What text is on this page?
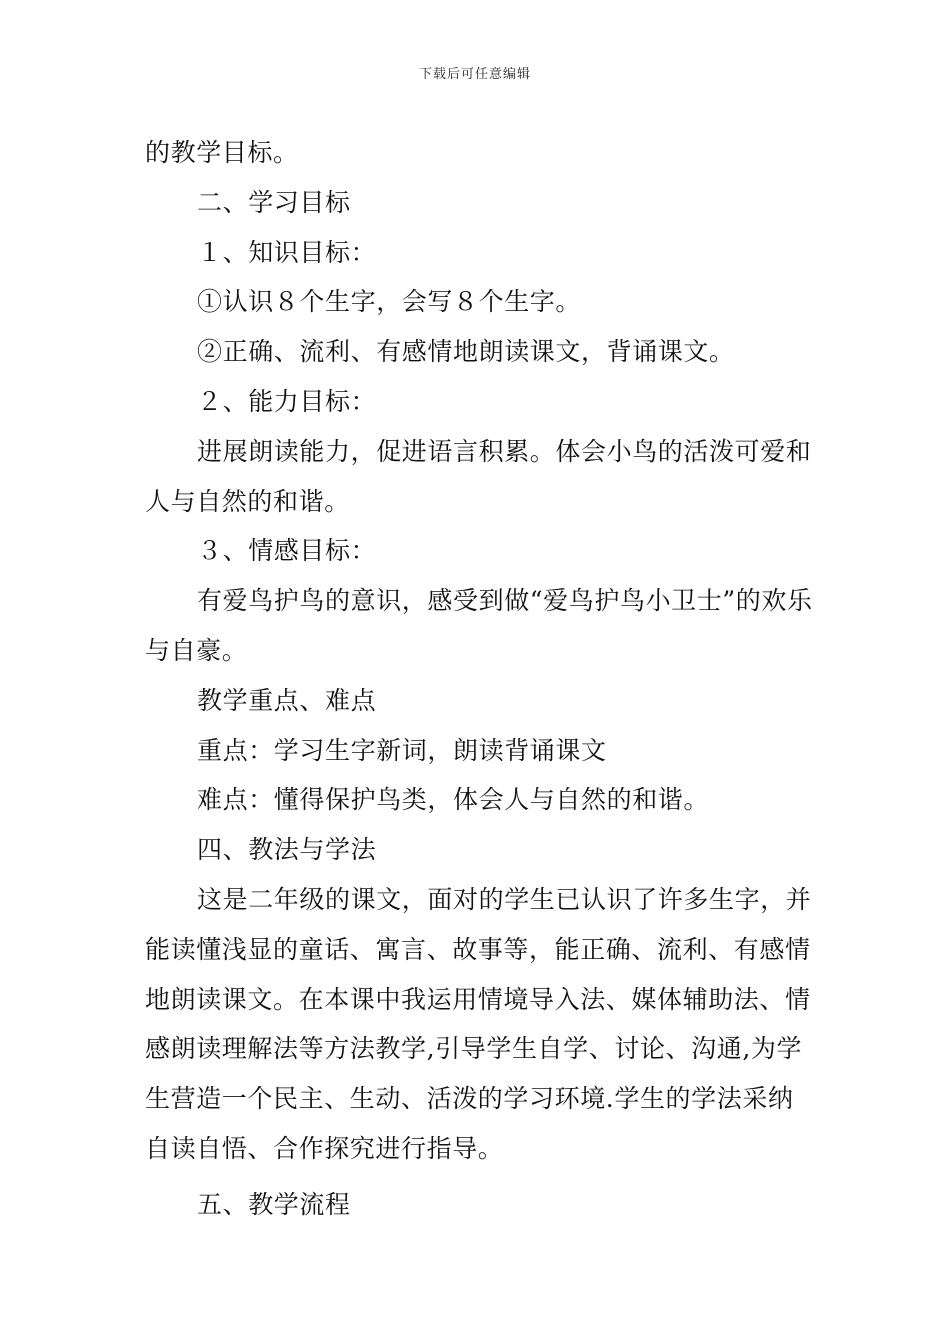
下载后可任意编辑

的教学目标。

二、学习目标

１、知识目标：

①认识８个生字，会写８个生字。

②正确、流利、有感情地朗读课文，背诵课文。

２、能力目标：

进展朗读能力，促进语言积累。体会小鸟的活泼可爱和人与自然的和谐。

３、情感目标：

有爱鸟护鸟的意识，感受到做“爱鸟护鸟小卫士”的欢乐与自豪。

教学重点、难点

重点：学习生字新词，朗读背诵课文

难点：懂得保护鸟类，体会人与自然的和谐。

四、教法与学法

这是二年级的课文，面对的学生已认识了许多生字，并能读懂浅显的童话、寓言、故事等，能正确、流利、有感情地朗读课文。在本课中我运用情境导入法、媒体辅助法、情感朗读理解法等方法教学,引导学生自学、讨论、沟通,为学生营造一个民主、生动、活泼的学习环境.学生的学法采纳自读自悟、合作探究进行指导。

五、教学流程
